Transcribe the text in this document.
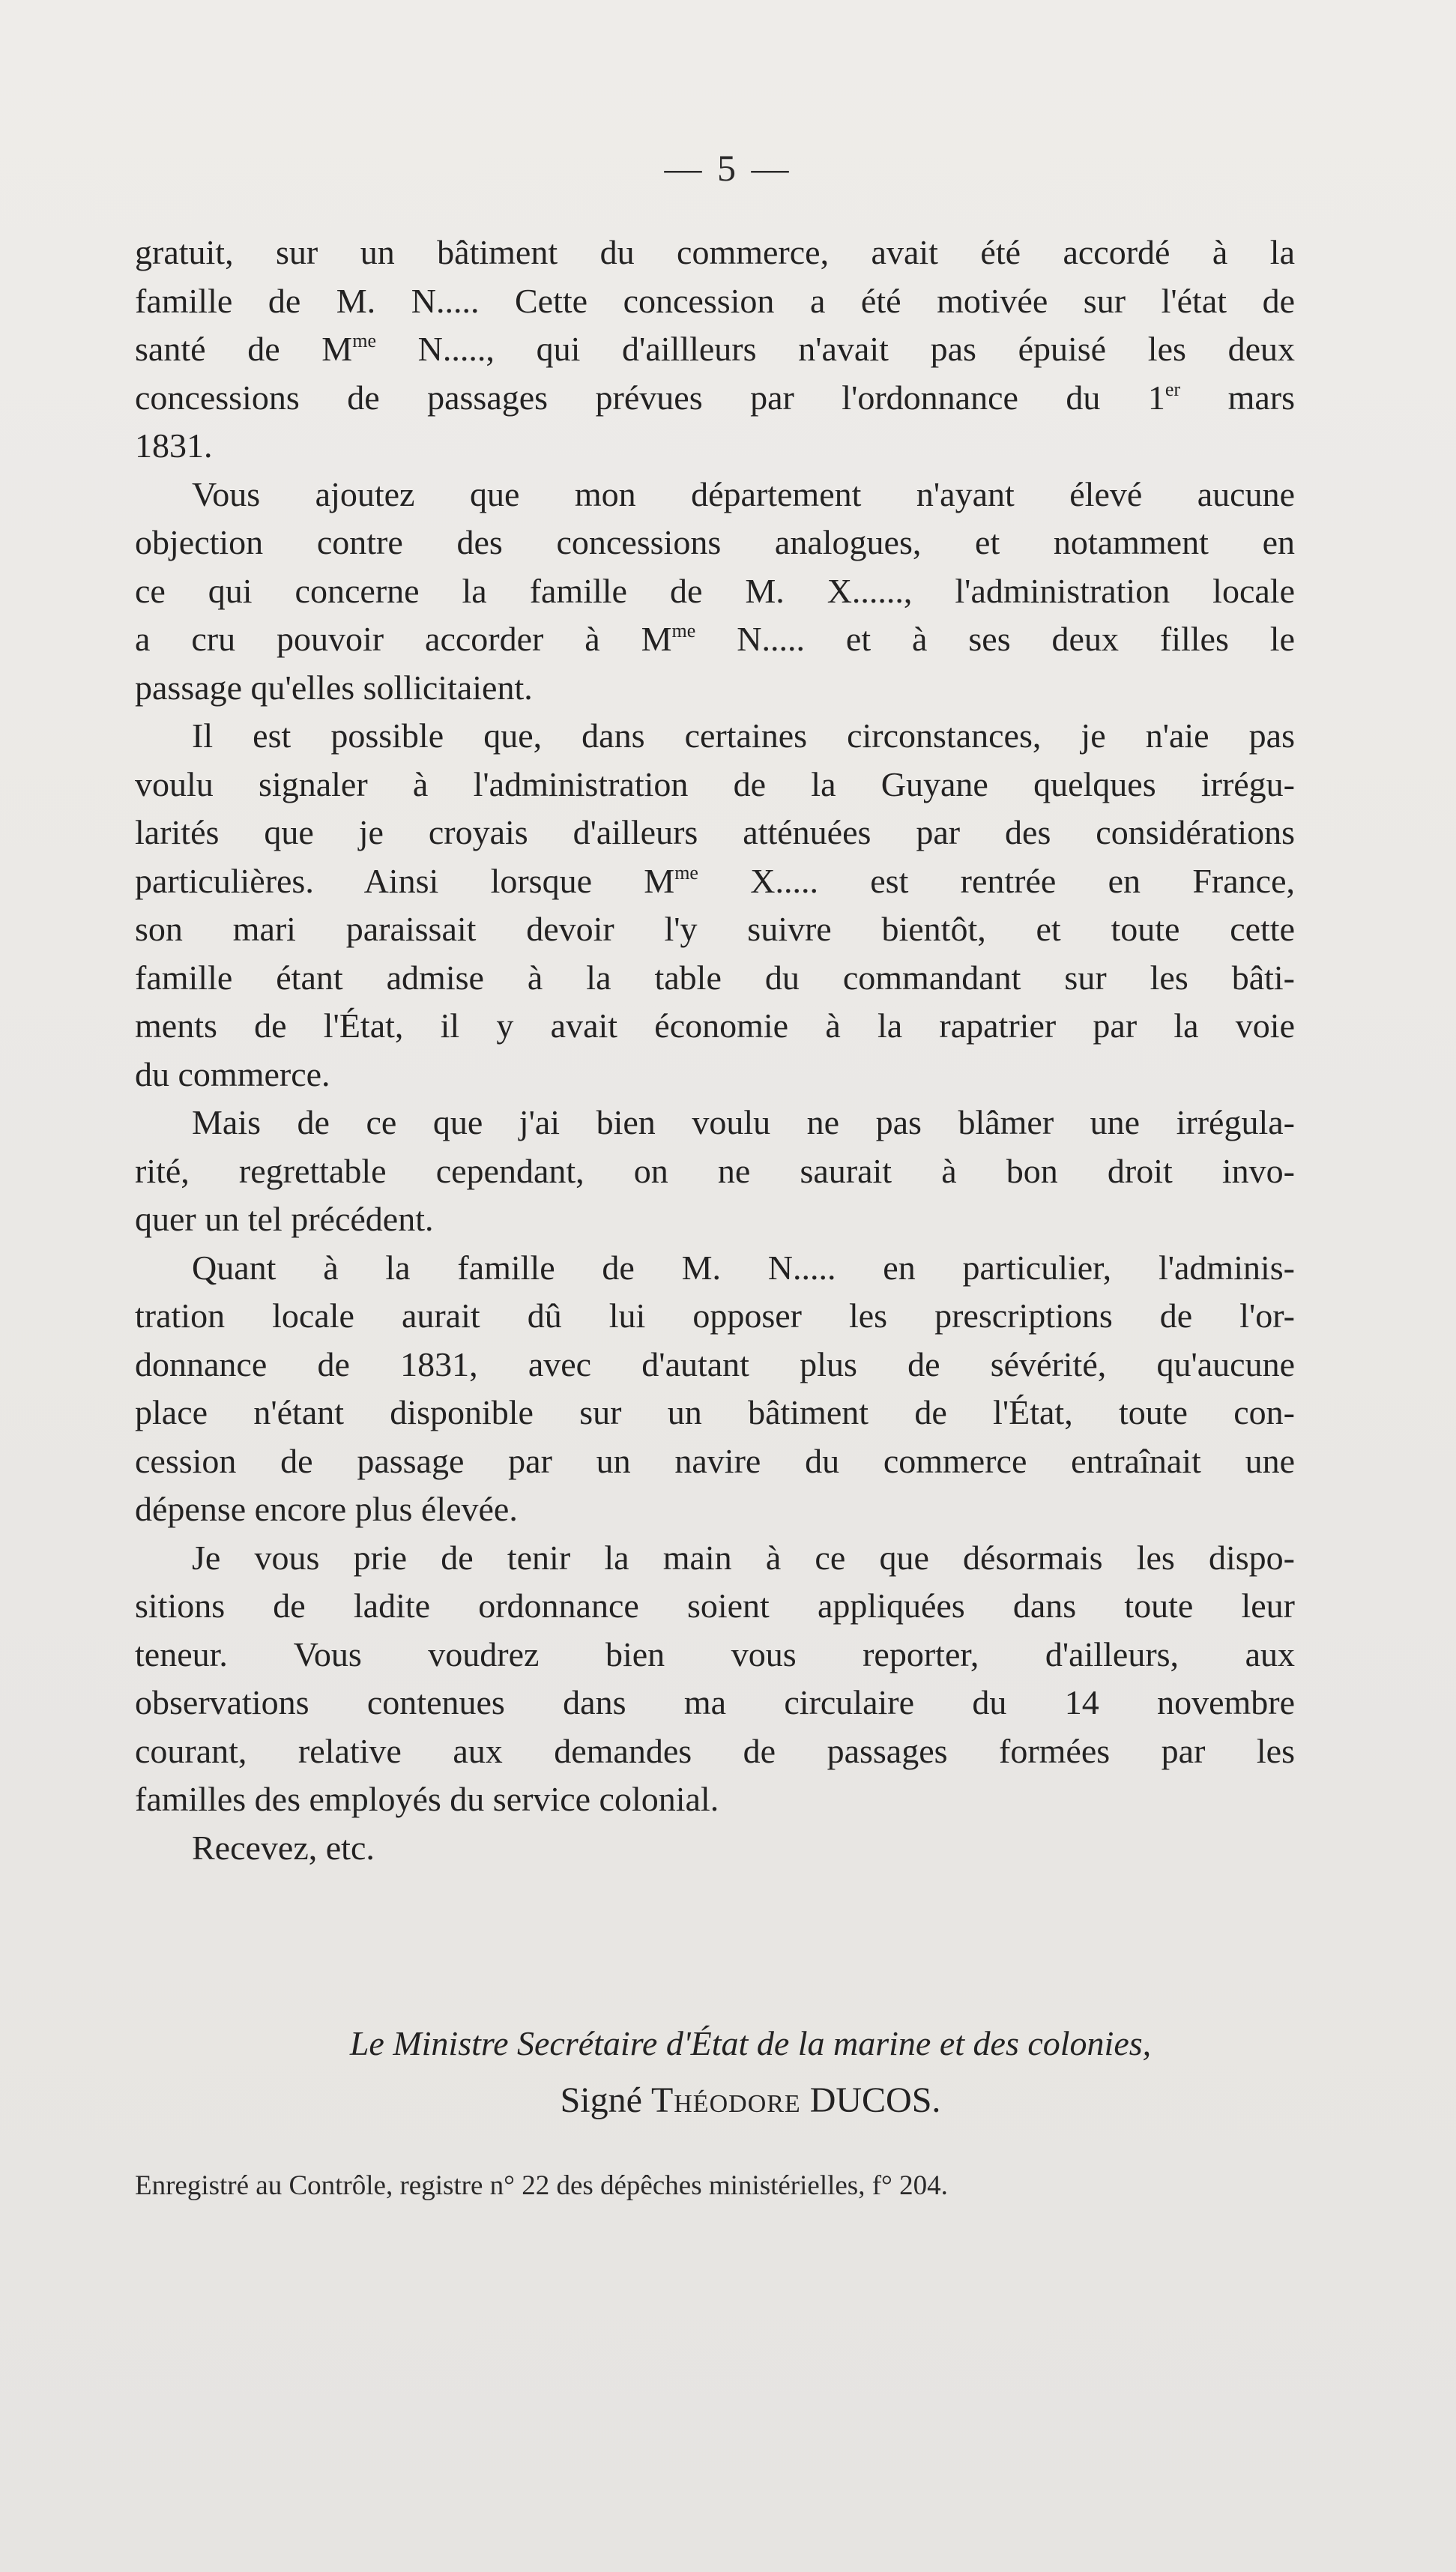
— 5 —
gratuit, sur un bâtiment du commerce, avait été accordé à la
famille de M. N..... Cette concession a été motivée sur l'état de
santé de $M^{me}$ N....., qui d'aillleurs n'avait pas épuisé les deux
concessions de passages prévues par l'ordonnance du 1er mars
1831.
Vous ajoutez que mon département n'ayant élevé aucune
objection contre des concessions analogues, et notamment en
ce qui concerne la famille de M. X......, l'administration locale
a cru pouvoir accorder à $M^{me}$ N..... et à ses deux filles le
passage qu'elles sollicitaient.
Il est possible que, dans certaines circonstances, je n'aie pas
voulu signaler à l'administration de la Guyane quelques irrégu-
larités que je croyais d'ailleurs atténuées par des considérations
particulières. Ainsi lorsque $M^{me}$ X..... est rentrée en France,
son mari paraissait devoir l'y suivre bientôt, et toute cette
famille étant admise à la table du commandant sur les bâti-
ments de l'État, il y avait économie à la rapatrier par la voie
du commerce.
Mais de ce que j'ai bien voulu ne pas blâmer une irrégula-
rité, regrettable cependant, on ne saurait à bon droit invo-
quer un tel précédent.
Quant à la famille de M. N..... en particulier, l'adminis-
tration locale aurait dû lui opposer les prescriptions de l'or-
donnance de 1831, avec d'autant plus de sévérité, qu'aucune
place n'étant disponible sur un bâtiment de l'État, toute con-
cession de passage par un navire du commerce entraînait une
dépense encore plus élevée.
Je vous prie de tenir la main à ce que désormais les dispo-
sitions de ladite ordonnance soient appliquées dans toute leur
teneur. Vous voudrez bien vous reporter, d'ailleurs, aux
observations contenues dans ma circulaire du 14 novembre
courant, relative aux demandes de passages formées par les
familles des employés du service colonial.
Recevez, etc.
Le Ministre Secrétaire d'État de la marine et des colonies,
Signé Théodore DUCOS.
Enregistré au Contrôle, registre n° 22 des dépêches ministérielles, f° 204.
